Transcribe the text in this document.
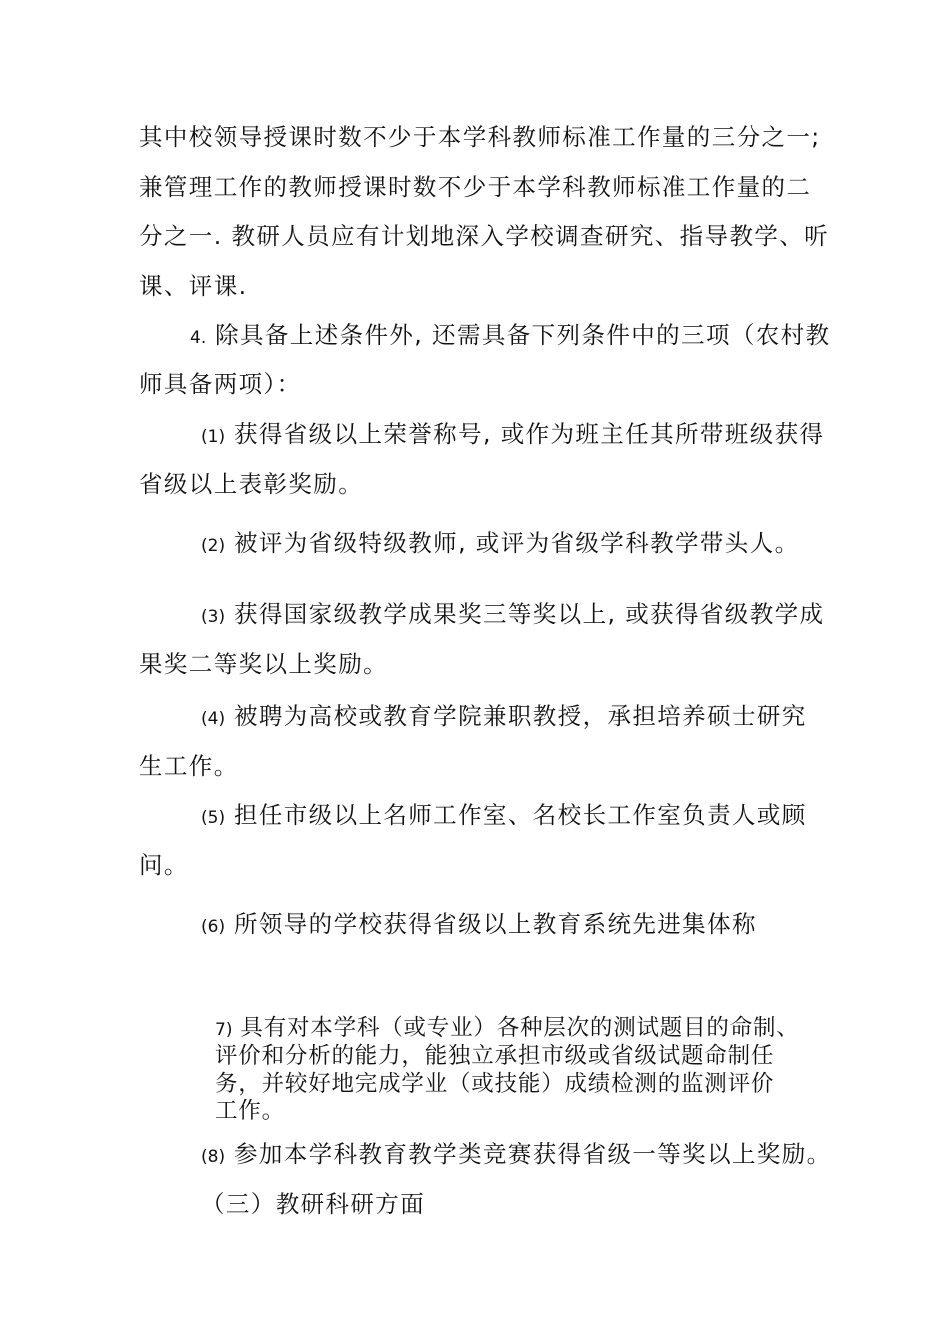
其中校领导授课时数不少于本学科教师标准工作量的三分之一;
兼管理工作的教师授课时数不少于本学科教师标准工作量的二
分之一. 教研人员应有计划地深入学校调查研究、指导教学、听
课、评课.
4. 除具备上述条件外, 还需具备下列条件中的三项（农村教
师具备两项）：
(1) 获得省级以上荣誉称号, 或作为班主任其所带班级获得
省级以上表彰奖励。
(2) 被评为省级特级教师, 或评为省级学科教学带头人。
(3) 获得国家级教学成果奖三等奖以上, 或获得省级教学成
果奖二等奖以上奖励。
(4) 被聘为高校或教育学院兼职教授，承担培养硕士研究
生工作。
(5) 担任市级以上名师工作室、名校长工作室负责人或顾
问。
(6) 所领导的学校获得省级以上教育系统先进集体称
7) 具有对本学科（或专业）各种层次的测试题目的命制、
评价和分析的能力，能独立承担市级或省级试题命制任
务，并较好地完成学业（或技能）成绩检测的监测评价
工作。
(8) 参加本学科教育教学类竞赛获得省级一等奖以上奖励。
（三）教研科研方面
